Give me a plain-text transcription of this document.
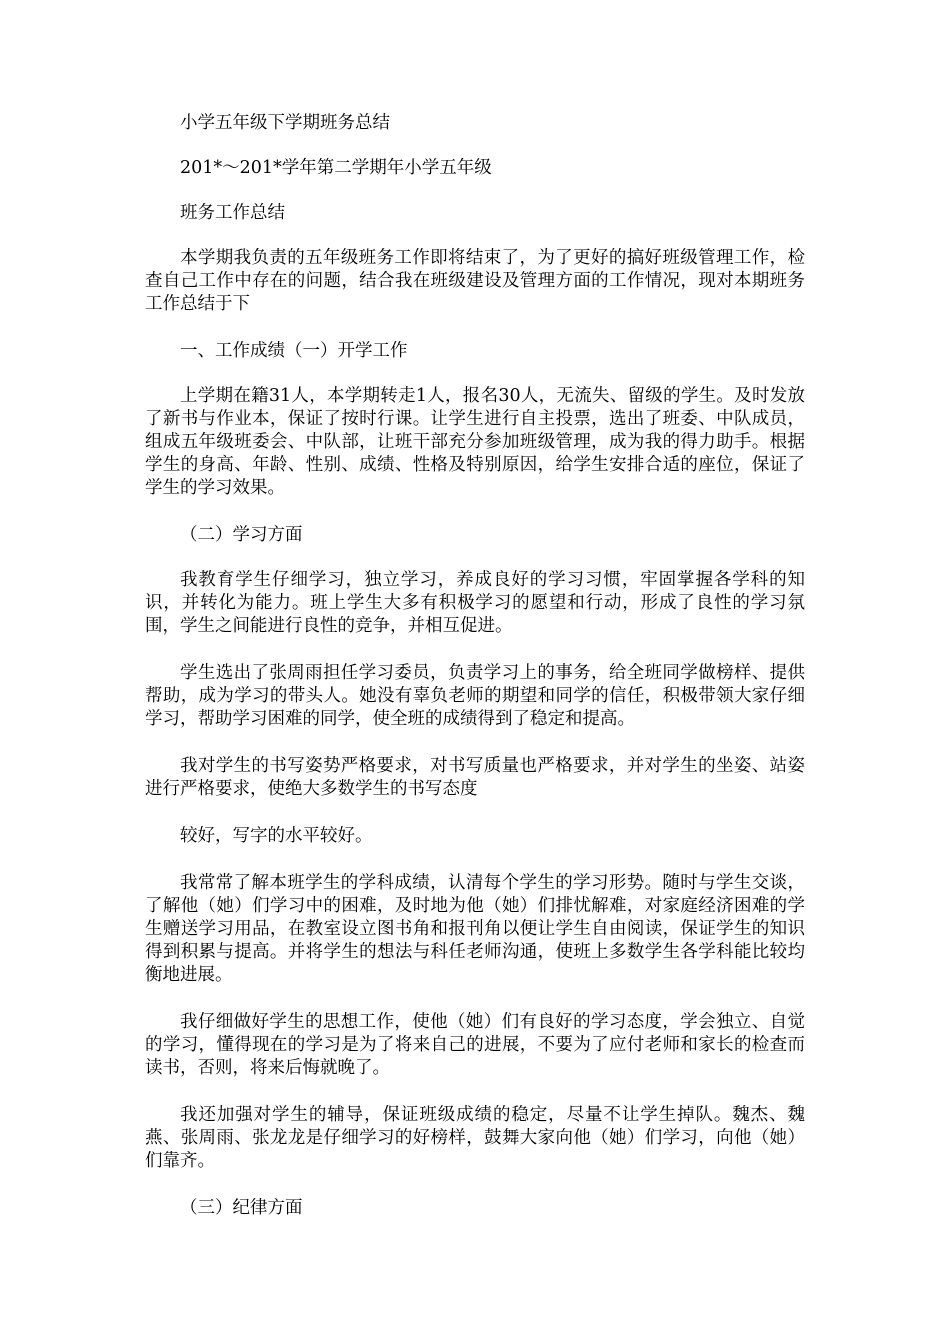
小学五年级下学期班务总结

201*～201*学年第二学期年小学五年级

班务工作总结

本学期我负责的五年级班务工作即将结束了，为了更好的搞好班级管理工作，检查自己工作中存在的问题，结合我在班级建设及管理方面的工作情况，现对本期班务工作总结于下

一、工作成绩（一）开学工作

上学期在籍31人，本学期转走1人，报名30人，无流失、留级的学生。及时发放了新书与作业本，保证了按时行课。让学生进行自主投票，选出了班委、中队成员，组成五年级班委会、中队部，让班干部充分参加班级管理，成为我的得力助手。根据学生的身高、年龄、性别、成绩、性格及特别原因，给学生安排合适的座位，保证了学生的学习效果。

（二）学习方面

我教育学生仔细学习，独立学习，养成良好的学习习惯，牢固掌握各学科的知识，并转化为能力。班上学生大多有积极学习的愿望和行动，形成了良性的学习氛围，学生之间能进行良性的竞争，并相互促进。

学生选出了张周雨担任学习委员，负责学习上的事务，给全班同学做榜样、提供帮助，成为学习的带头人。她没有辜负老师的期望和同学的信任，积极带领大家仔细学习，帮助学习困难的同学，使全班的成绩得到了稳定和提高。

我对学生的书写姿势严格要求，对书写质量也严格要求，并对学生的坐姿、站姿进行严格要求，使绝大多数学生的书写态度

较好，写字的水平较好。

我常常了解本班学生的学科成绩，认清每个学生的学习形势。随时与学生交谈，了解他（她）们学习中的困难，及时地为他（她）们排忧解难，对家庭经济困难的学生赠送学习用品，在教室设立图书角和报刊角以便让学生自由阅读，保证学生的知识得到积累与提高。并将学生的想法与科任老师沟通，使班上多数学生各学科能比较均衡地进展。

我仔细做好学生的思想工作，使他（她）们有良好的学习态度，学会独立、自觉的学习，懂得现在的学习是为了将来自己的进展，不要为了应付老师和家长的检查而读书，否则，将来后悔就晚了。

我还加强对学生的辅导，保证班级成绩的稳定，尽量不让学生掉队。魏杰、魏燕、张周雨、张龙龙是仔细学习的好榜样，鼓舞大家向他（她）们学习，向他（她）们靠齐。

（三）纪律方面
